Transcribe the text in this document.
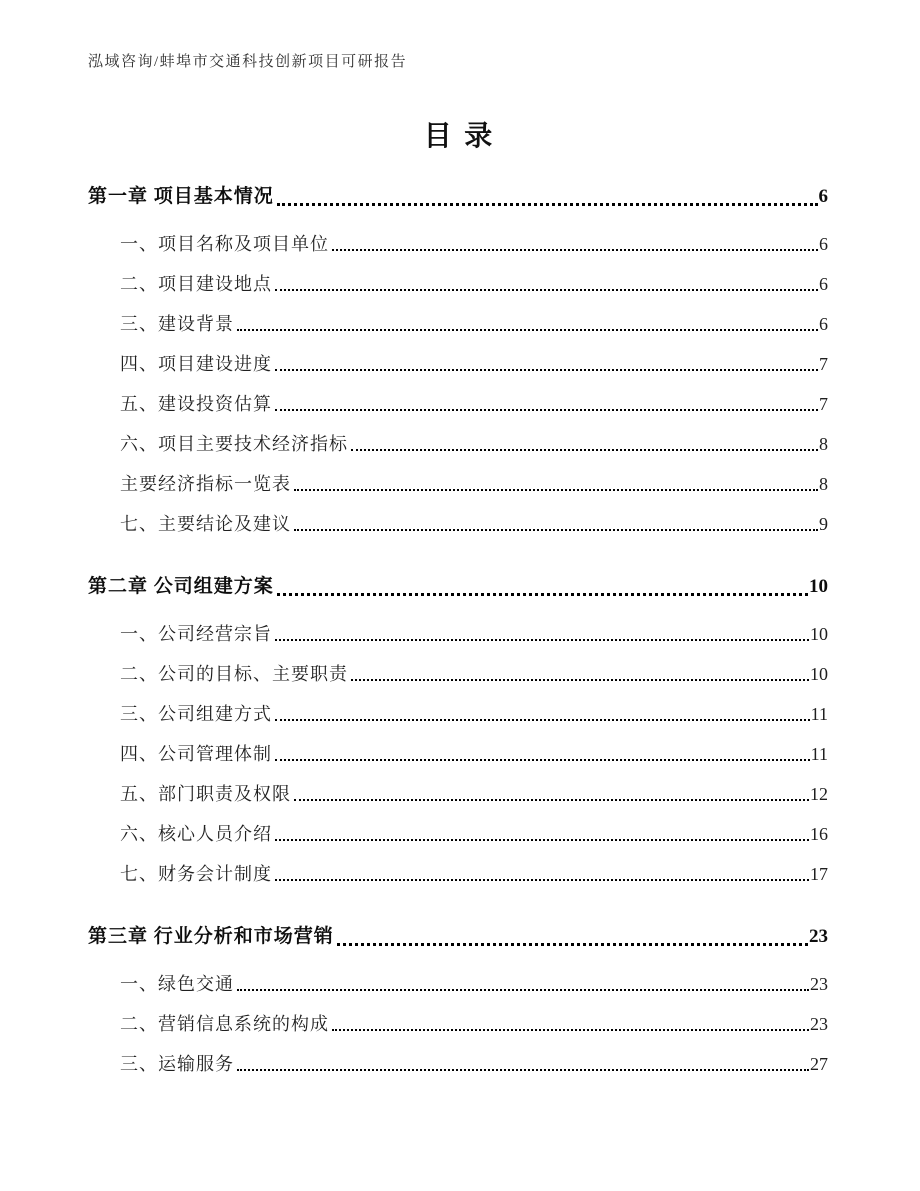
泓域咨询/蚌埠市交通科技创新项目可研报告
目录
第一章 项目基本情况	6
一、项目名称及项目单位	6
二、项目建设地点	6
三、建设背景	6
四、项目建设进度	7
五、建设投资估算	7
六、项目主要技术经济指标	8
主要经济指标一览表	8
七、主要结论及建议	9
第二章 公司组建方案	10
一、公司经营宗旨	10
二、公司的目标、主要职责	10
三、公司组建方式	11
四、公司管理体制	11
五、部门职责及权限	12
六、核心人员介绍	16
七、财务会计制度	17
第三章 行业分析和市场营销	23
一、绿色交通	23
二、营销信息系统的构成	23
三、运输服务	27
